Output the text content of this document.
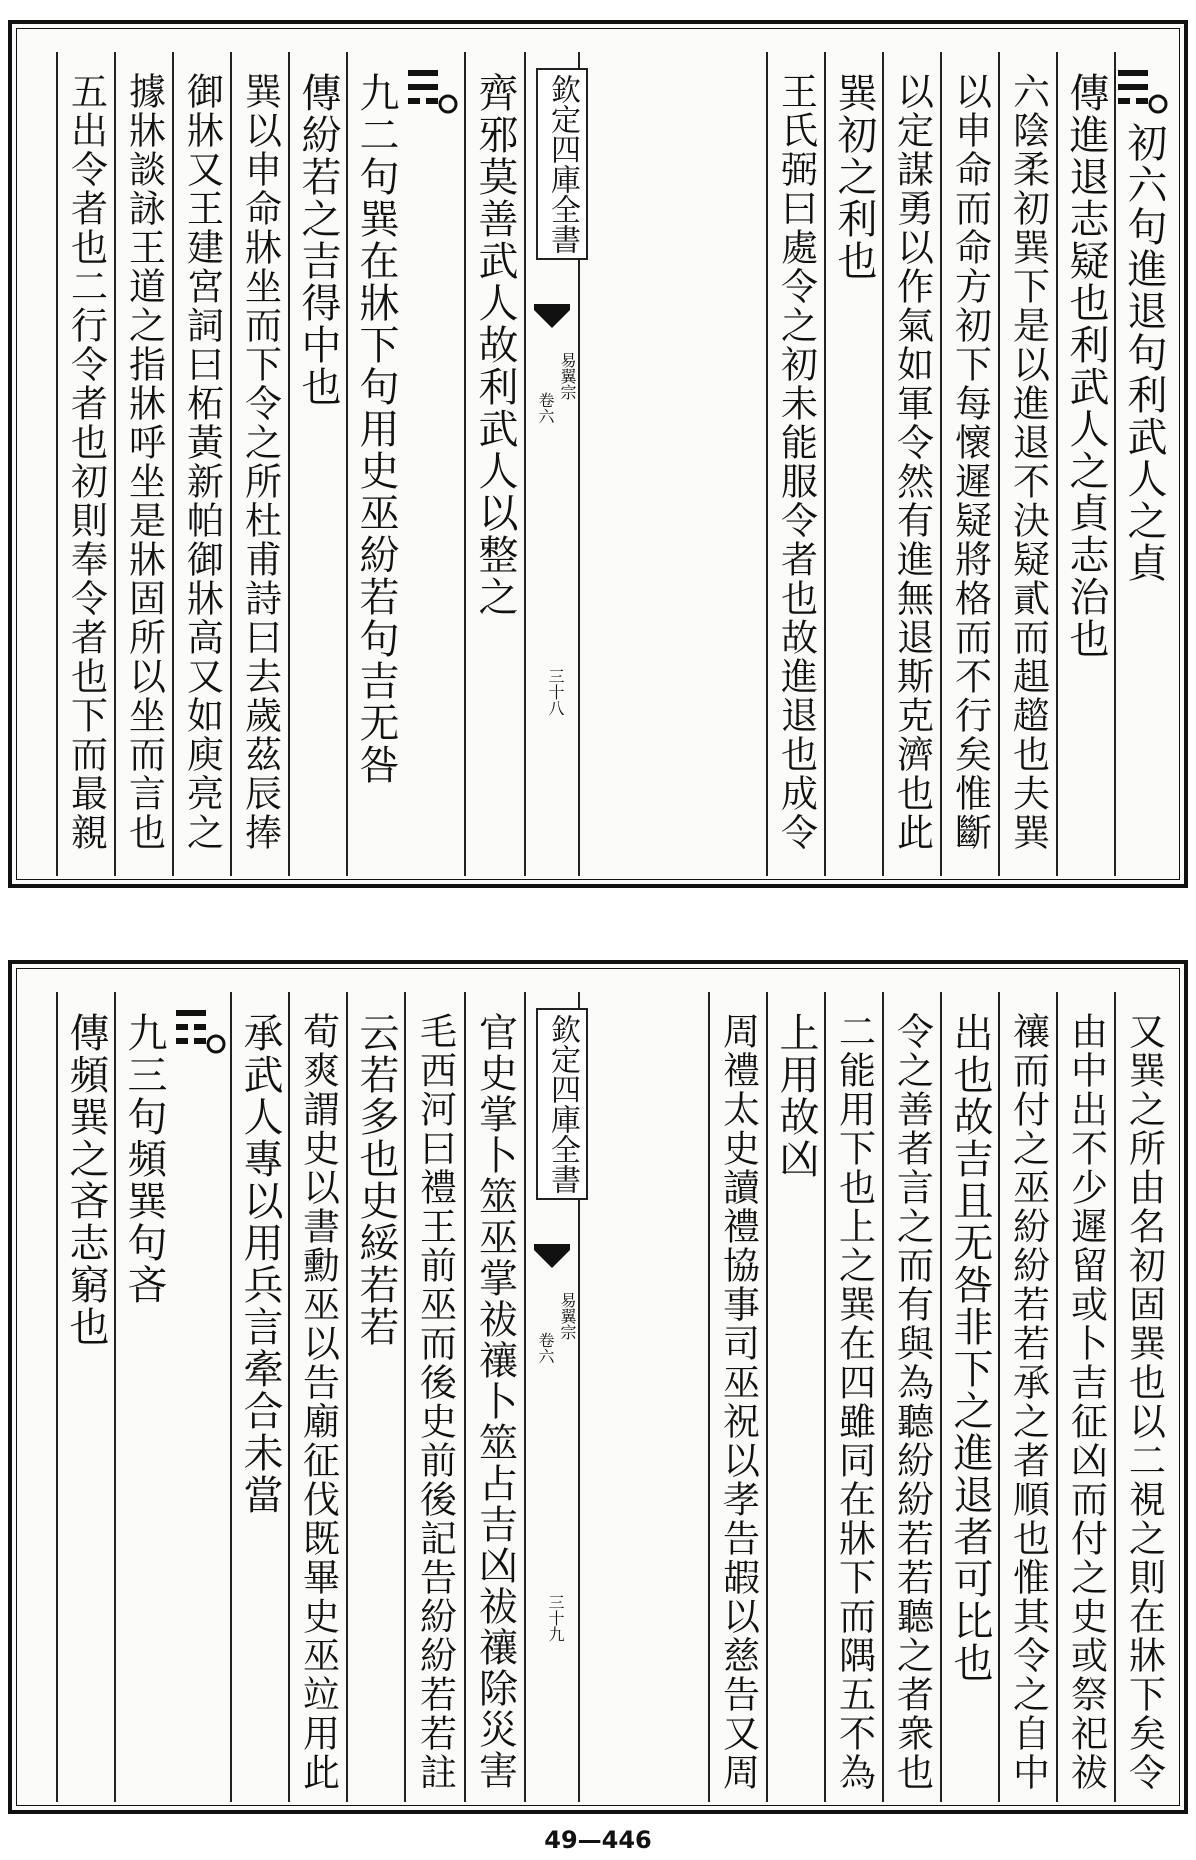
初六句進退句利武人之貞
傳進退志疑也利武人之貞志治也
六陰柔初巽下是以進退不決疑貳而趄趦也夫巽
以申命而命方初下每懷遲疑將格而不行矣惟斷
以定謀勇以作氣如軍令然有進無退斯克濟也此
巽初之利也
王氏弼曰處令之初未能服令者也故進退也成令
欽定四庫全書
易翼宗
卷六
三十八
齊邪莫善武人故利武人以整之
九二句巽在牀下句用史巫紛若句吉无咎
傳紛若之吉得中也
巽以申命牀坐而下令之所杜甫詩曰去歲茲辰捧
御牀又王建宮詞曰柘黃新帕御牀高又如庾亮之
據牀談詠王道之指牀呼坐是牀固所以坐而言也
五出令者也二行令者也初則奉令者也下而最親
又巽之所由名初固巽也以二視之則在牀下矣令
由中出不少遲留或卜吉征凶而付之史或祭祀祓
禳而付之巫紛紛若若承之者順也惟其令之自中
出也故吉且无咎非下之進退者可比也
令之善者言之而有與為聽紛紛若若聽之者衆也
二能用下也上之巽在四雖同在牀下而隅五不為
上用故凶
周禮太史讀禮協事司巫祝以孝告嘏以慈告又周
欽定四庫全書
易翼宗
卷六
三十九
官史掌卜筮巫掌祓禳卜筮占吉凶祓禳除災害
毛西河曰禮王前巫而後史前後記告紛紛若若註
云若多也史綏若若
荀爽謂史以書勳巫以告廟征伐既畢史巫竝用此
承武人專以用兵言牽合未當
九三句頻巽句吝
傳頻巽之吝志窮也
49—446
